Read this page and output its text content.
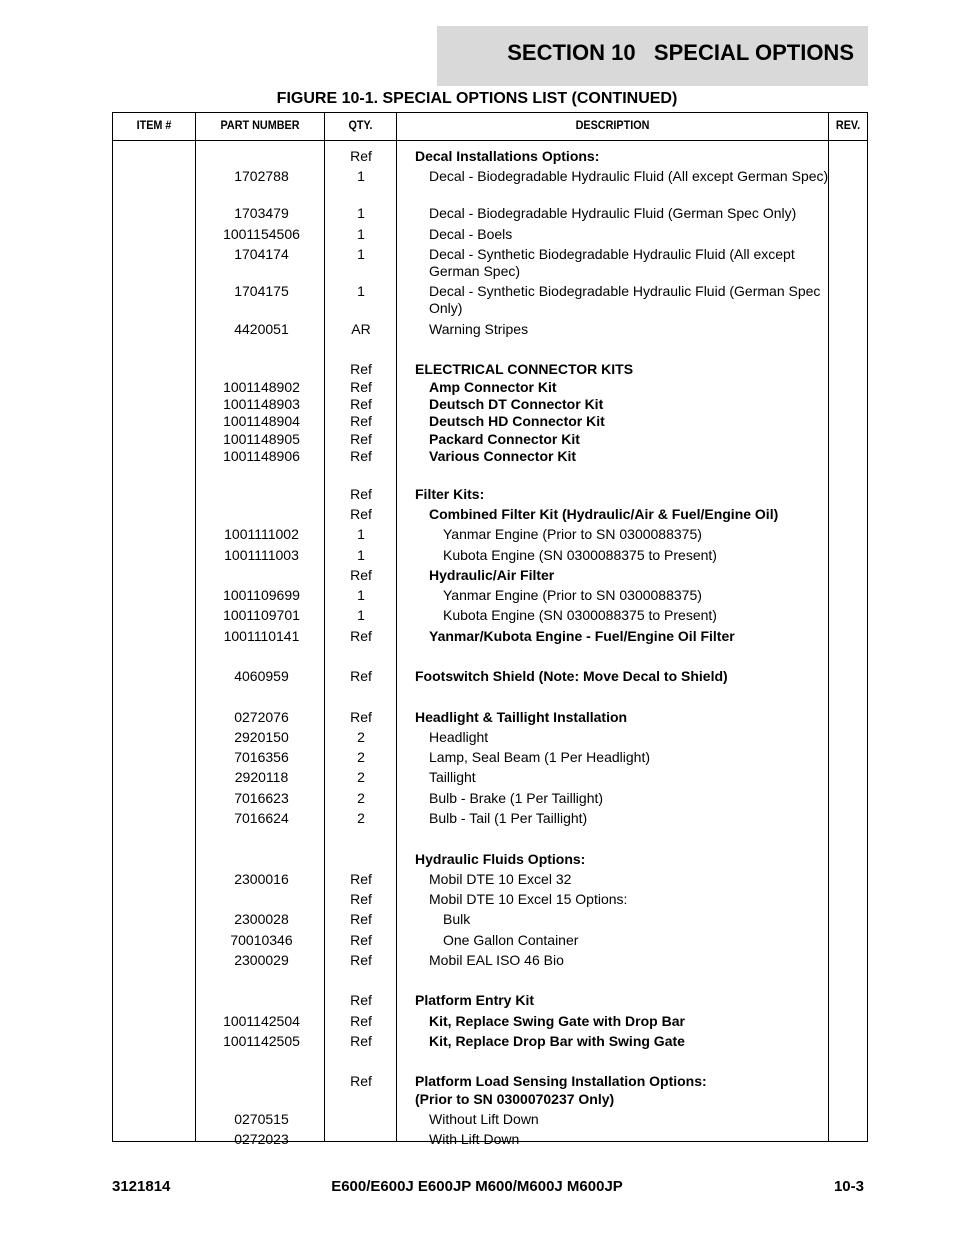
SECTION 10   SPECIAL OPTIONS
FIGURE 10-1. SPECIAL OPTIONS LIST (CONTINUED)
ITEM #	PART NUMBER	QTY.	DESCRIPTION	REV.
Ref	Decal Installations Options:
1702788	1	Decal - Biodegradable Hydraulic Fluid (All except German Spec)
1703479	1	Decal - Biodegradable Hydraulic Fluid (German Spec Only)
1001154506	1	Decal - Boels
1704174	1	Decal - Synthetic Biodegradable Hydraulic Fluid (All except German Spec)
1704175	1	Decal - Synthetic Biodegradable Hydraulic Fluid (German Spec Only)
4420051	AR	Warning Stripes
Ref	ELECTRICAL CONNECTOR KITS
1001148902	Ref	Amp Connector Kit
1001148903	Ref	Deutsch DT Connector Kit
1001148904	Ref	Deutsch HD Connector Kit
1001148905	Ref	Packard Connector Kit
1001148906	Ref	Various Connector Kit
Ref	Filter Kits:
Ref	Combined Filter Kit (Hydraulic/Air & Fuel/Engine Oil)
1001111002	1	Yanmar Engine (Prior to SN 0300088375)
1001111003	1	Kubota Engine (SN 0300088375 to Present)
Ref	Hydraulic/Air Filter
1001109699	1	Yanmar Engine (Prior to SN 0300088375)
1001109701	1	Kubota Engine (SN 0300088375 to Present)
1001110141	Ref	Yanmar/Kubota Engine - Fuel/Engine Oil Filter
4060959	Ref	Footswitch Shield (Note: Move Decal to Shield)
0272076	Ref	Headlight & Taillight Installation
2920150	2	Headlight
7016356	2	Lamp, Seal Beam (1 Per Headlight)
2920118	2	Taillight
7016623	2	Bulb - Brake (1 Per Taillight)
7016624	2	Bulb - Tail (1 Per Taillight)
Hydraulic Fluids Options:
2300016	Ref	Mobil DTE 10 Excel 32
Ref	Mobil DTE 10 Excel 15 Options:
2300028	Ref	Bulk
70010346	Ref	One Gallon Container
2300029	Ref	Mobil EAL ISO 46 Bio
Ref	Platform Entry Kit
1001142504	Ref	Kit, Replace Swing Gate with Drop Bar
1001142505	Ref	Kit, Replace Drop Bar with Swing Gate
Ref	Platform Load Sensing Installation Options:
(Prior to SN 0300070237 Only)
0270515	Without Lift Down
0272023	With Lift Down
3121814	E600/E600J E600JP M600/M600J M600JP	10-3
